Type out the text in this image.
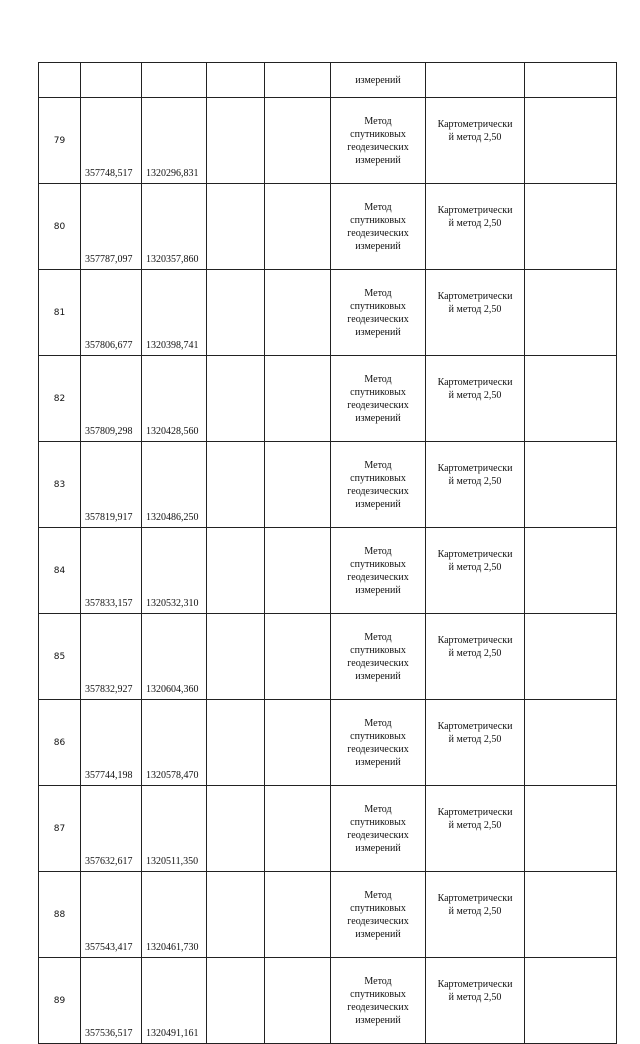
					измерений		

79	357748,517	1320296,831			Метод
спутниковых
геодезических
измерений	Картометрически
й метод 2,50	

80	357787,097	1320357,860			Метод
спутниковых
геодезических
измерений	Картометрически
й метод 2,50	

81	357806,677	1320398,741			Метод
спутниковых
геодезических
измерений	Картометрически
й метод 2,50	

82	357809,298	1320428,560			Метод
спутниковых
геодезических
измерений	Картометрически
й метод 2,50	

83	357819,917	1320486,250			Метод
спутниковых
геодезических
измерений	Картометрически
й метод 2,50	

84	357833,157	1320532,310			Метод
спутниковых
геодезических
измерений	Картометрически
й метод 2,50	

85	357832,927	1320604,360			Метод
спутниковых
геодезических
измерений	Картометрически
й метод 2,50	

86	357744,198	1320578,470			Метод
спутниковых
геодезических
измерений	Картометрически
й метод 2,50	

87	357632,617	1320511,350			Метод
спутниковых
геодезических
измерений	Картометрически
й метод 2,50	

88	357543,417	1320461,730			Метод
спутниковых
геодезических
измерений	Картометрически
й метод 2,50	

89	357536,517	1320491,161			Метод
спутниковых
геодезических
измерений	Картометрически
й метод 2,50	
